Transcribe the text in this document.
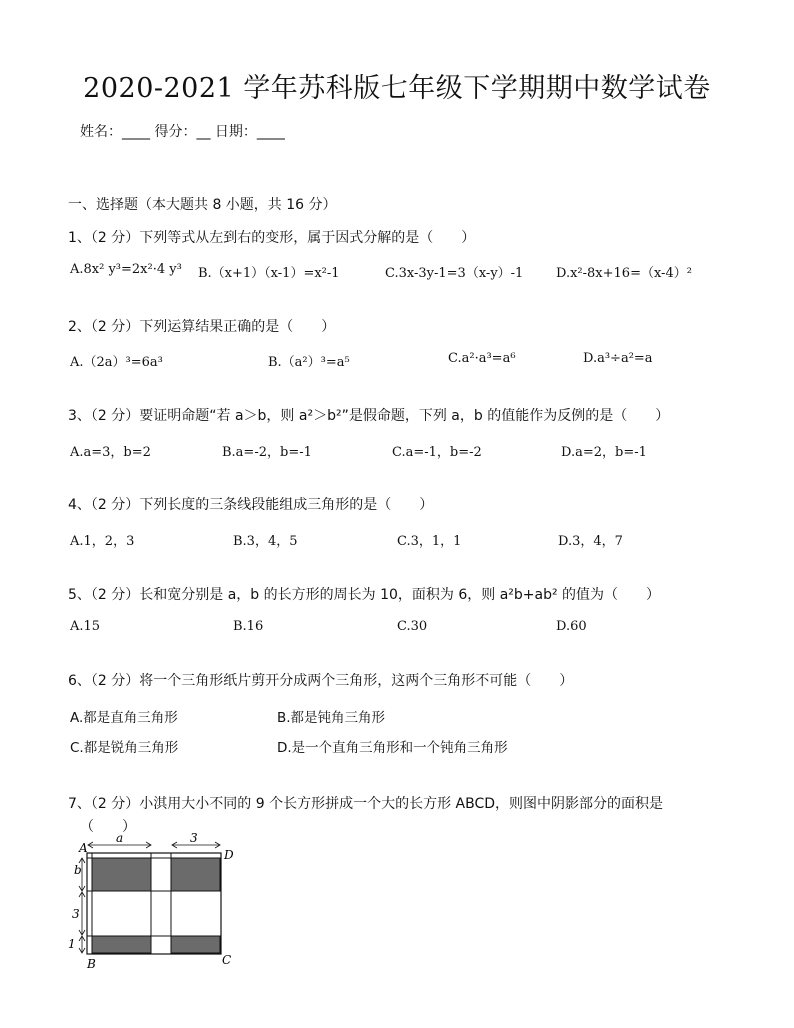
2020-2021 学年苏科版七年级下学期期中数学试卷
姓名：____ 得分：__ 日期：____
一、选择题（本大题共 8 小题，共 16 分）
1、（2 分）下列等式从左到右的变形，属于因式分解的是（　　）
A.8x² y³=2x²·4 y³ B.（x+1）（x-1）=x²-1	C.3x-3y-1=3（x-y）-1	D.x²-8x+16=（x-4）²
2、（2 分）下列运算结果正确的是（　　）
A.（2a）³=6a³	B.（a²）³=a⁵	C.a²·a³=a⁶	D.a³÷a²=a
3、（2 分）要证明命题“若 a＞b，则 a²＞b²”是假命题，下列 a，b 的值能作为反例的是（　　）
A.a=3，b=2	B.a=-2，b=-1	C.a=-1，b=-2	D.a=2，b=-1
4、（2 分）下列长度的三条线段能组成三角形的是（　　）
A.1，2，3	B.3，4，5	C.3，1，1	D.3，4，7
5、（2 分）长和宽分别是 a，b 的长方形的周长为 10，面积为 6，则 a²b+ab² 的值为（　　）
A.15	B.16	C.30	D.60
6、（2 分）将一个三角形纸片剪开分成两个三角形，这两个三角形不可能（　　）
A.都是直角三角形	B.都是钝角三角形
C.都是锐角三角形	D.是一个直角三角形和一个钝角三角形
7、（2 分）小淇用大小不同的 9 个长方形拼成一个大的长方形 ABCD，则图中阴影部分的面积是
（　　）
a	3
A	D
b
3
1
B	C
